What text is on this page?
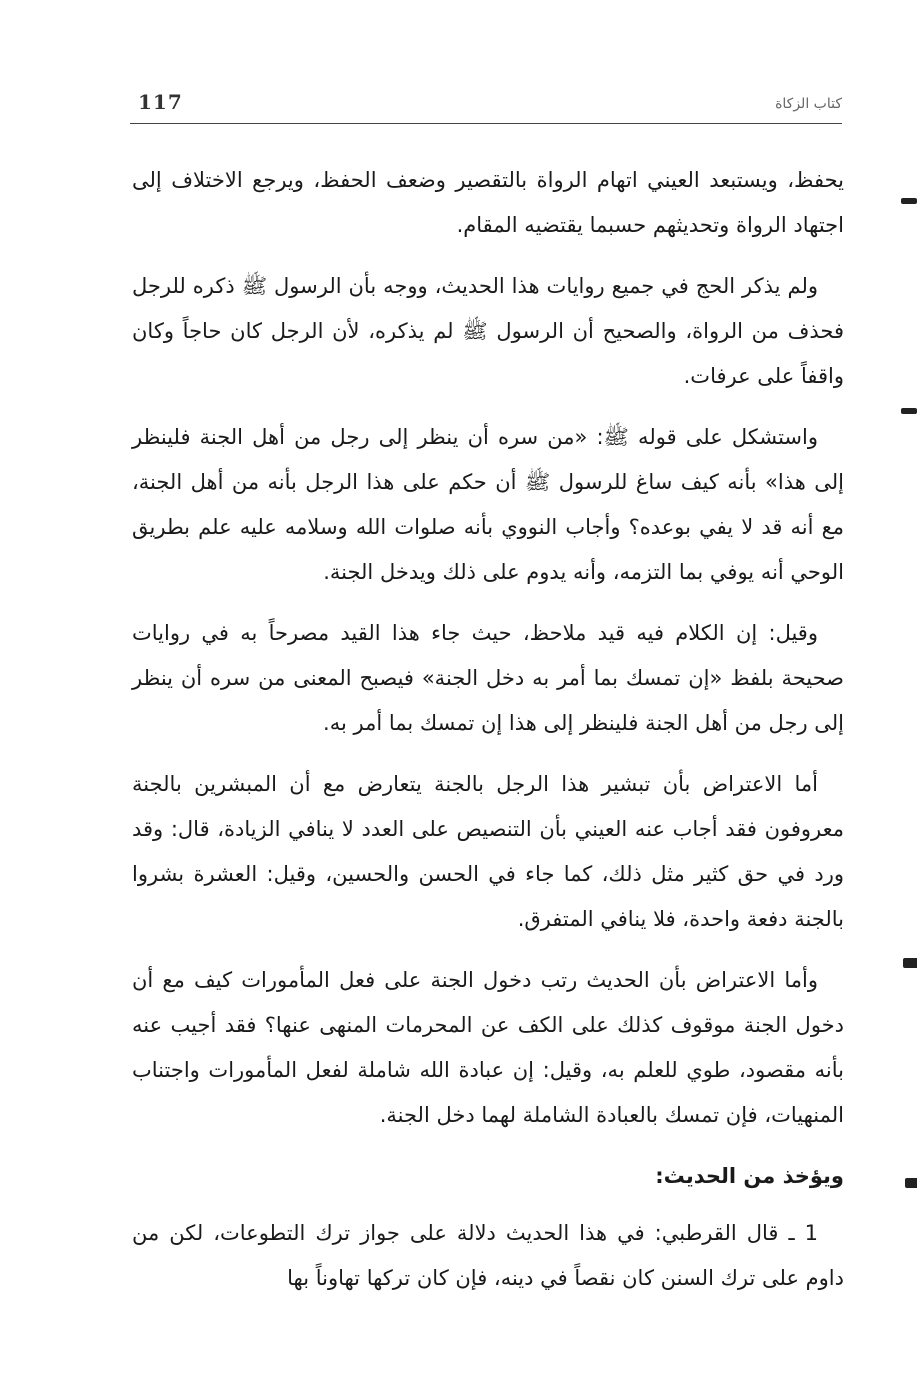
117	كتاب الزكاة

يحفظ، ويستبعد العيني اتهام الرواة بالتقصير وضعف الحفظ، ويرجع الاختلاف إلى اجتهاد الرواة وتحديثهم حسبما يقتضيه المقام.

ولم يذكر الحج في جميع روايات هذا الحديث، ووجه بأن الرسول ﷺ ذكره للرجل فحذف من الرواة، والصحيح أن الرسول ﷺ لم يذكره، لأن الرجل كان حاجاً وكان واقفاً على عرفات.

واستشكل على قوله ﷺ: «من سره أن ينظر إلى رجل من أهل الجنة فلينظر إلى هذا» بأنه كيف ساغ للرسول ﷺ أن حكم على هذا الرجل بأنه من أهل الجنة، مع أنه قد لا يفي بوعده؟ وأجاب النووي بأنه صلوات الله وسلامه عليه علم بطريق الوحي أنه يوفي بما التزمه، وأنه يدوم على ذلك ويدخل الجنة.

وقيل: إن الكلام فيه قيد ملاحظ، حيث جاء هذا القيد مصرحاً به في روايات صحيحة بلفظ «إن تمسك بما أمر به دخل الجنة» فيصبح المعنى من سره أن ينظر إلى رجل من أهل الجنة فلينظر إلى هذا إن تمسك بما أمر به.

أما الاعتراض بأن تبشير هذا الرجل بالجنة يتعارض مع أن المبشرين بالجنة معروفون فقد أجاب عنه العيني بأن التنصيص على العدد لا ينافي الزيادة، قال: وقد ورد في حق كثير مثل ذلك، كما جاء في الحسن والحسين، وقيل: العشرة بشروا بالجنة دفعة واحدة، فلا ينافي المتفرق.

وأما الاعتراض بأن الحديث رتب دخول الجنة على فعل المأمورات كيف مع أن دخول الجنة موقوف كذلك على الكف عن المحرمات المنهى عنها؟ فقد أجيب عنه بأنه مقصود، طوي للعلم به، وقيل: إن عبادة الله شاملة لفعل المأمورات واجتناب المنهيات، فإن تمسك بالعبادة الشاملة لهما دخل الجنة.

ويؤخذ من الحديث:

1 ـ قال القرطبي: في هذا الحديث دلالة على جواز ترك التطوعات، لكن من داوم على ترك السنن كان نقصاً في دينه، فإن كان تركها تهاوناً بها
